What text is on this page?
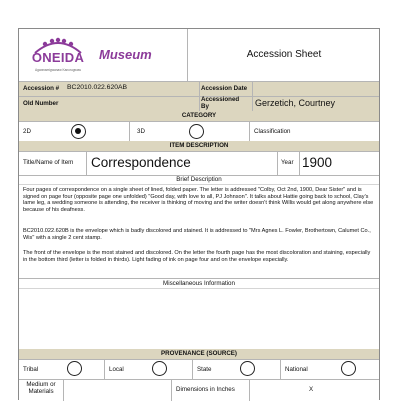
ONEIDA
Agwanamigwanaw Kanorugwaw
Museum	Accession Sheet
Accession # BC2010.022.620AB	Accession Date
Old Number
Accessioned By	Gerzetich, Courtney
CATEGORY
2D	3D	Classification
ITEM DESCRIPTION
Title/Name of Item Correspondence	Year 1900
Brief Description
Four pages of correspondence on a single sheet of lined, folded paper. The letter is addressed "Colby, Oct 2nd, 1900, Dear Sister" and is signed on page four (opposite page one unfolded) "Good day, with love to all, PJ Johnson". It talks about Hattie going back to school, Clay's lame leg, a wedding someone is attending, the receiver is thinking of moving and the writer doesn't think Willis would get along anywhere else because of his deafness.
BC2010.022.620B is the envelope which is badly discolored and stained. It is addressed to "Mrs Agnes L. Fowler, Brothertown, Calumet Co., Wis" with a single 2 cent stamp.
The front of the envelope is the most stained and discolored. On the letter the fourth page has the most discoloration and staining, especially in the bottom third (letter is folded in thirds). Light fading of ink on page four and on the envelope especially.
Miscellaneous Information
PROVENANCE (SOURCE)
Tribal	Local	State	National
Medium or Materials	Dimensions in Inches	X
